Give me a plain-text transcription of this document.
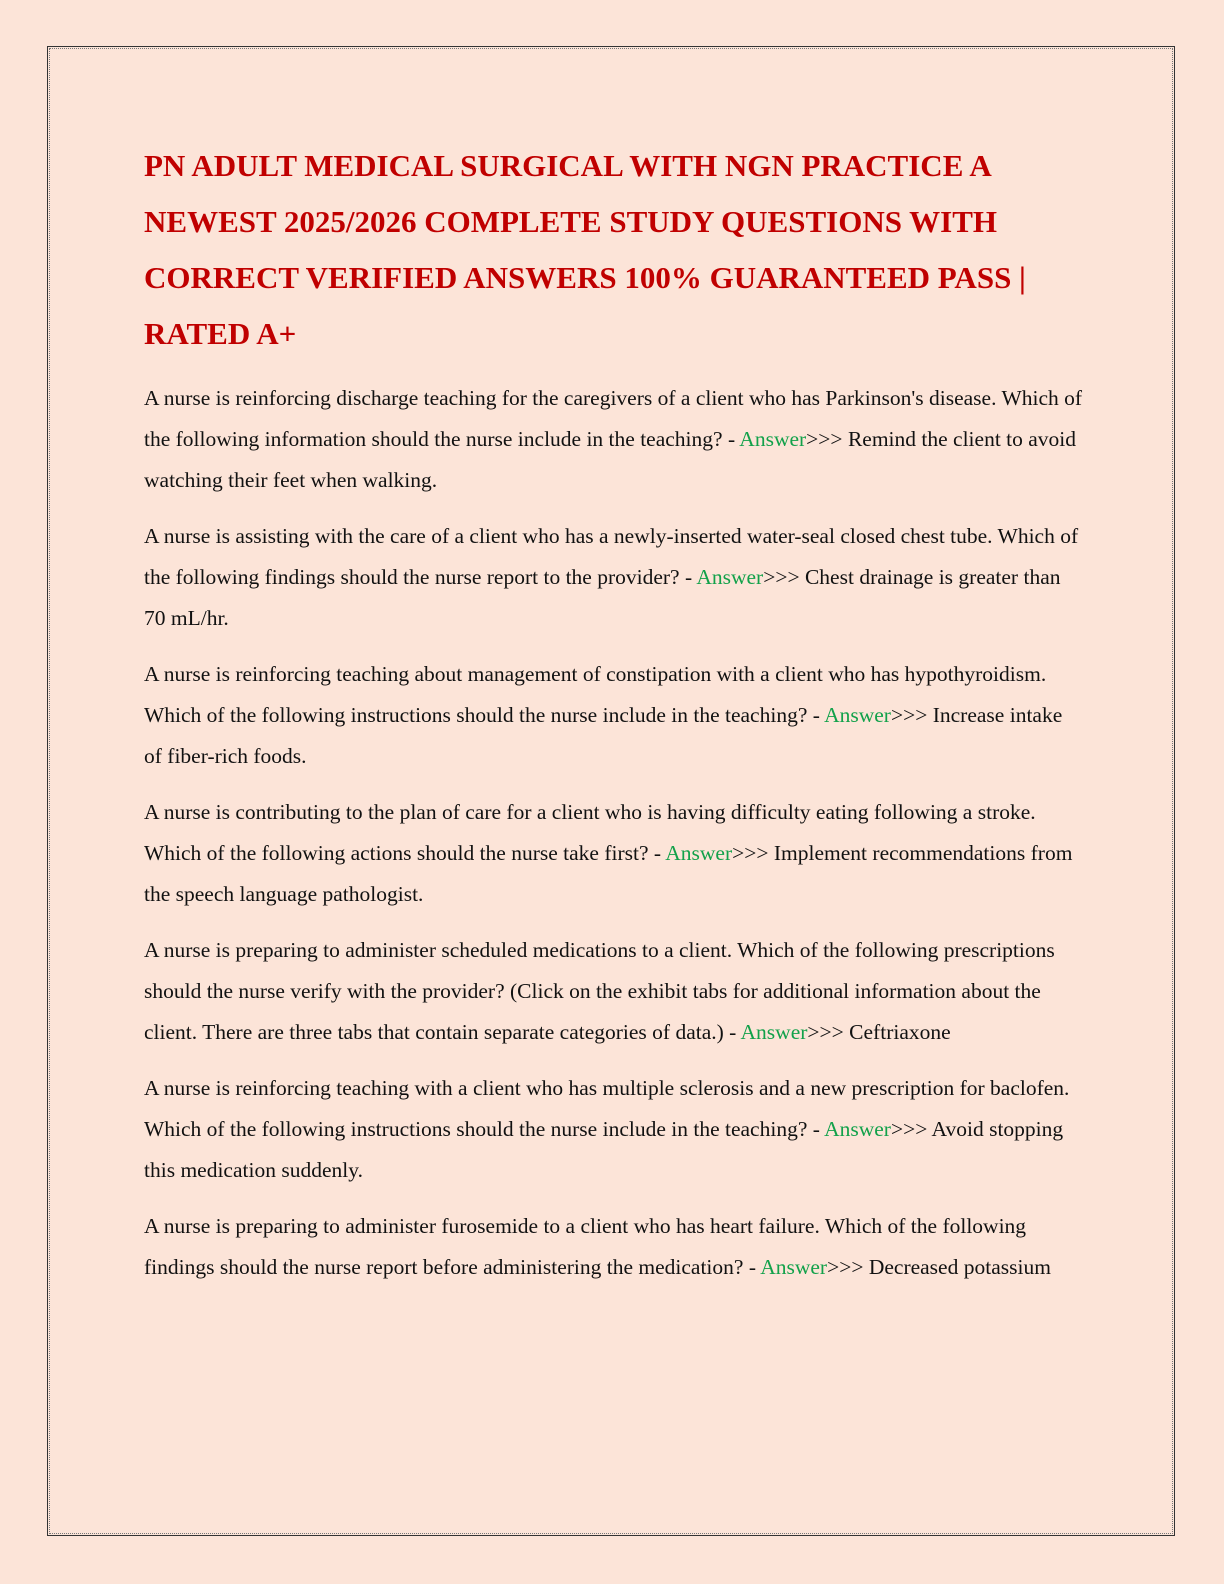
PN ADULT MEDICAL SURGICAL WITH NGN PRACTICE A NEWEST 2025/2026 COMPLETE STUDY QUESTIONS WITH CORRECT VERIFIED ANSWERS 100% GUARANTEED PASS | RATED A+

A nurse is reinforcing discharge teaching for the caregivers of a client who has Parkinson's disease. Which of the following information should the nurse include in the teaching? - Answer>>> Remind the client to avoid watching their feet when walking.

A nurse is assisting with the care of a client who has a newly-inserted water-seal closed chest tube. Which of the following findings should the nurse report to the provider? - Answer>>> Chest drainage is greater than 70 mL/hr.

A nurse is reinforcing teaching about management of constipation with a client who has hypothyroidism. Which of the following instructions should the nurse include in the teaching? - Answer>>> Increase intake of fiber-rich foods.

A nurse is contributing to the plan of care for a client who is having difficulty eating following a stroke. Which of the following actions should the nurse take first? - Answer>>> Implement recommendations from the speech language pathologist.

A nurse is preparing to administer scheduled medications to a client. Which of the following prescriptions should the nurse verify with the provider? (Click on the exhibit tabs for additional information about the client. There are three tabs that contain separate categories of data.) - Answer>>> Ceftriaxone

A nurse is reinforcing teaching with a client who has multiple sclerosis and a new prescription for baclofen. Which of the following instructions should the nurse include in the teaching? - Answer>>> Avoid stopping this medication suddenly.

A nurse is preparing to administer furosemide to a client who has heart failure. Which of the following findings should the nurse report before administering the medication? - Answer>>> Decreased potassium
